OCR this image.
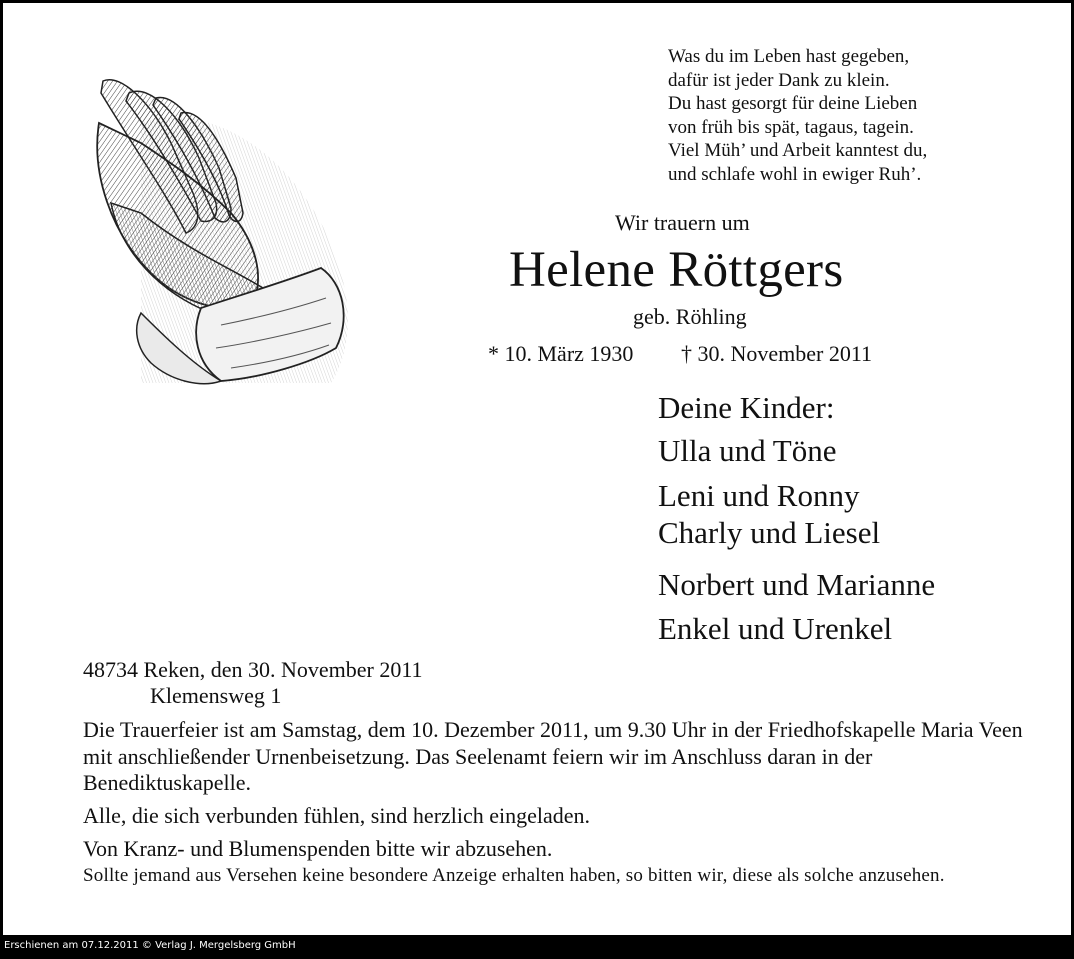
Was du im Leben hast gegeben,
dafür ist jeder Dank zu klein.
Du hast gesorgt für deine Lieben
von früh bis spät, tagaus, tagein.
Viel Müh’ und Arbeit kanntest du,
und schlafe wohl in ewiger Ruh’.
Wir trauern um
Helene Röttgers
geb. Röhling
* 10. März 1930 † 30. November 2011
Deine Kinder:
Ulla und Töne
Leni und Ronny
Charly und Liesel
Norbert und Marianne
Enkel und Urenkel
48734 Reken, den 30. November 2011
Klemensweg 1
Die Trauerfeier ist am Samstag, dem 10. Dezember 2011, um 9.30 Uhr in der Friedhofskapelle Maria Veen mit anschließender Urnenbeisetzung. Das Seelenamt feiern wir im Anschluss daran in der Benediktuskapelle.
Alle, die sich verbunden fühlen, sind herzlich eingeladen.
Von Kranz- und Blumenspenden bitte wir abzusehen.
Sollte jemand aus Versehen keine besondere Anzeige erhalten haben, so bitten wir, diese als solche anzusehen.
Erschienen am 07.12.2011 © Verlag J. Mergelsberg GmbH
